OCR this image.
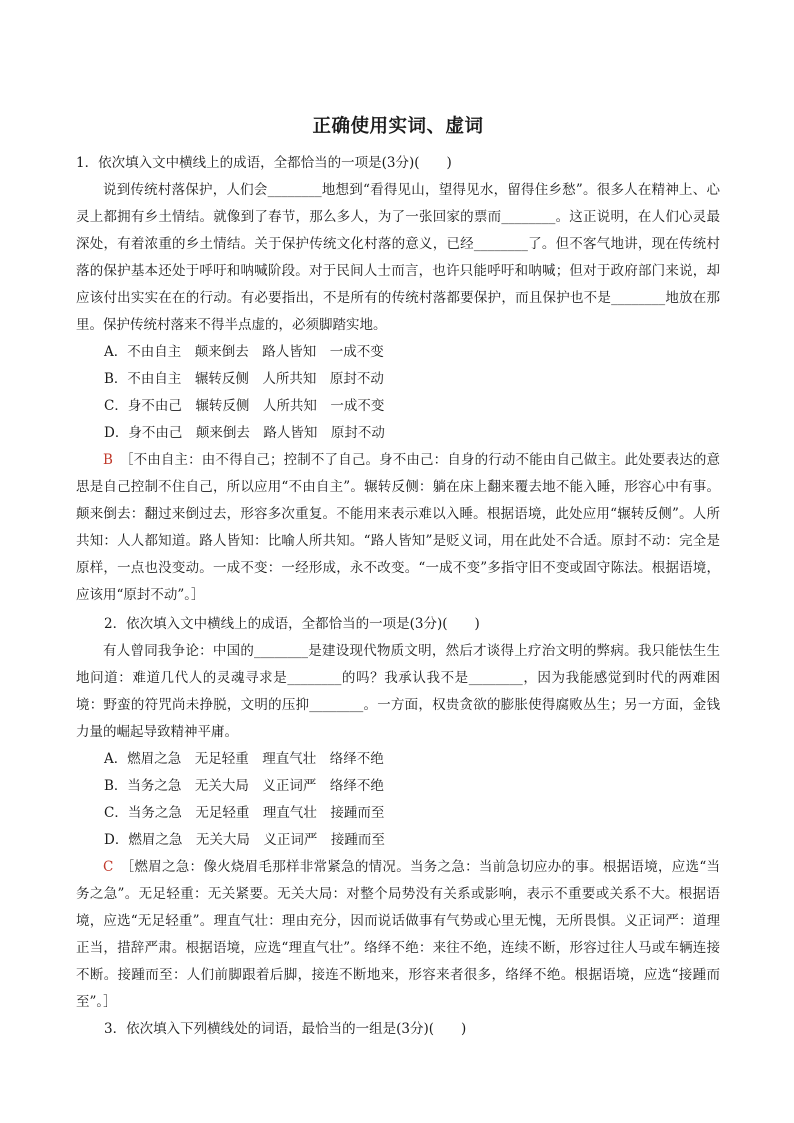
正确使用实词、虚词

1．依次填入文中横线上的成语，全都恰当的一项是(3分)(　　)

说到传统村落保护，人们会________地想到“看得见山，望得见水，留得住乡愁”。很多人在精神上、心灵上都拥有乡土情结。就像到了春节，那么多人，为了一张回家的票而________。这正说明，在人们心灵最深处，有着浓重的乡土情结。关于保护传统文化村落的意义，已经________了。但不客气地讲，现在传统村落的保护基本还处于呼吁和呐喊阶段。对于民间人士而言，也许只能呼吁和呐喊；但对于政府部门来说，却应该付出实实在在的行动。有必要指出，不是所有的传统村落都要保护，而且保护也不是________地放在那里。保护传统村落来不得半点虚的，必须脚踏实地。

A．不由自主　颠来倒去　路人皆知　一成不变

B．不由自主　辗转反侧　人所共知　原封不动

C．身不由己　辗转反侧　人所共知　一成不变

D．身不由己　颠来倒去　路人皆知　原封不动

B　 ［不由自主：由不得自己；控制不了自己。身不由己：自身的行动不能由自己做主。此处要表达的意思是自己控制不住自己，所以应用“不由自主”。辗转反侧：躺在床上翻来覆去地不能入睡，形容心中有事。颠来倒去：翻过来倒过去，形容多次重复。不能用来表示难以入睡。根据语境，此处应用“辗转反侧”。人所共知：人人都知道。路人皆知：比喻人所共知。“路人皆知”是贬义词，用在此处不合适。原封不动：完全是原样，一点也没变动。一成不变：一经形成，永不改变。“一成不变”多指守旧不变或固守陈法。根据语境，应该用“原封不动”。］

2．依次填入文中横线上的成语，全都恰当的一项是(3分)(　　)

有人曾同我争论：中国的________是建设现代物质文明，然后才谈得上疗治文明的弊病。我只能怯生生地问道：难道几代人的灵魂寻求是________的吗？我承认我不是________，因为我能感觉到时代的两难困境：野蛮的符咒尚未挣脱，文明的压抑________。一方面，权贵贪欲的膨胀使得腐败丛生；另一方面，金钱力量的崛起导致精神平庸。

A．燃眉之急　无足轻重　理直气壮　络绎不绝

B．当务之急　无关大局　义正词严　络绎不绝

C．当务之急　无足轻重　理直气壮　接踵而至

D．燃眉之急　无关大局　义正词严　接踵而至

C　 ［燃眉之急：像火烧眉毛那样非常紧急的情况。当务之急：当前急切应办的事。根据语境，应选“当务之急”。无足轻重：无关紧要。无关大局：对整个局势没有关系或影响，表示不重要或关系不大。根据语境，应选“无足轻重”。理直气壮：理由充分，因而说话做事有气势或心里无愧，无所畏惧。义正词严：道理正当，措辞严肃。根据语境，应选“理直气壮”。络绎不绝：来往不绝，连续不断，形容过往人马或车辆连接不断。接踵而至：人们前脚跟着后脚，接连不断地来，形容来者很多，络绎不绝。根据语境，应选“接踵而至”。］

3．依次填入下列横线处的词语，最恰当的一组是(3分)(　　)
